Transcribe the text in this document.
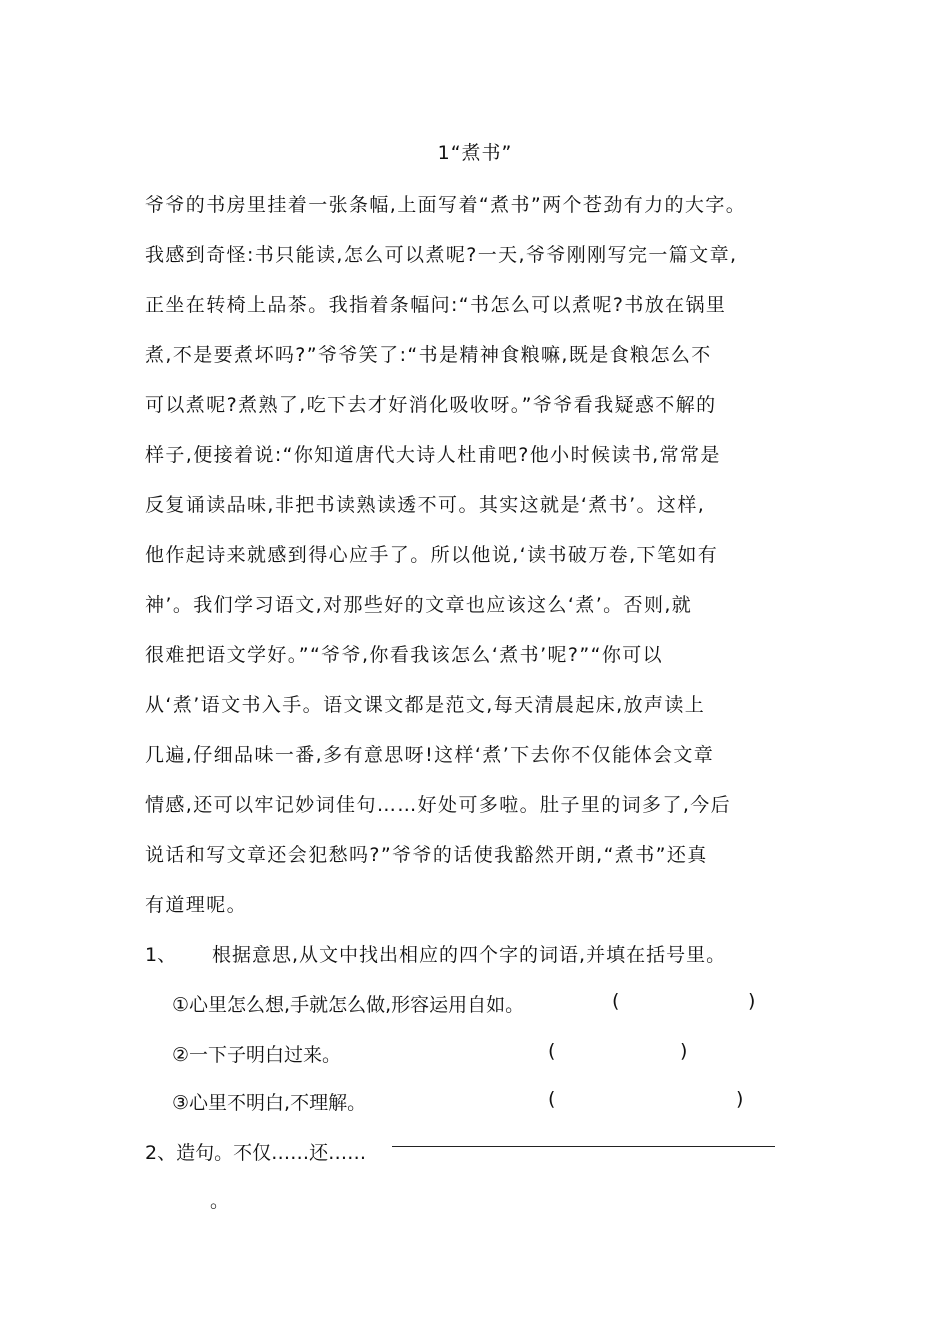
1“煮书”
爷爷的书房里挂着一张条幅,上面写着“煮书”两个苍劲有力的大字。
我感到奇怪:书只能读,怎么可以煮呢?一天,爷爷刚刚写完一篇文章,
正坐在转椅上品茶。我指着条幅问:“书怎么可以煮呢?书放在锅里
煮,不是要煮坏吗?”爷爷笑了:“书是精神食粮嘛,既是食粮怎么不
可以煮呢?煮熟了,吃下去才好消化吸收呀。”爷爷看我疑惑不解的
样子,便接着说:“你知道唐代大诗人杜甫吧?他小时候读书,常常是
反复诵读品味,非把书读熟读透不可。其实这就是‘煮书’。这样,
他作起诗来就感到得心应手了。所以他说,‘读书破万卷,下笔如有
神’。我们学习语文,对那些好的文章也应该这么‘煮’。否则,就
很难把语文学好。”“爷爷,你看我该怎么‘煮书’呢?”“你可以
从‘煮’语文书入手。语文课文都是范文,每天清晨起床,放声读上
几遍,仔细品味一番,多有意思呀!这样‘煮’下去你不仅能体会文章
情感,还可以牢记妙词佳句……好处可多啦。肚子里的词多了,今后
说话和写文章还会犯愁吗?”爷爷的话使我豁然开朗,“煮书”还真
有道理呢。
1、 根据意思,从文中找出相应的四个字的词语,并填在括号里。
①心里怎么想,手就怎么做,形容运用自如。	(	)
②一下子明白过来。	(	)
③心里不明白,不理解。	(	)
2、造句。不仅……还……
。
